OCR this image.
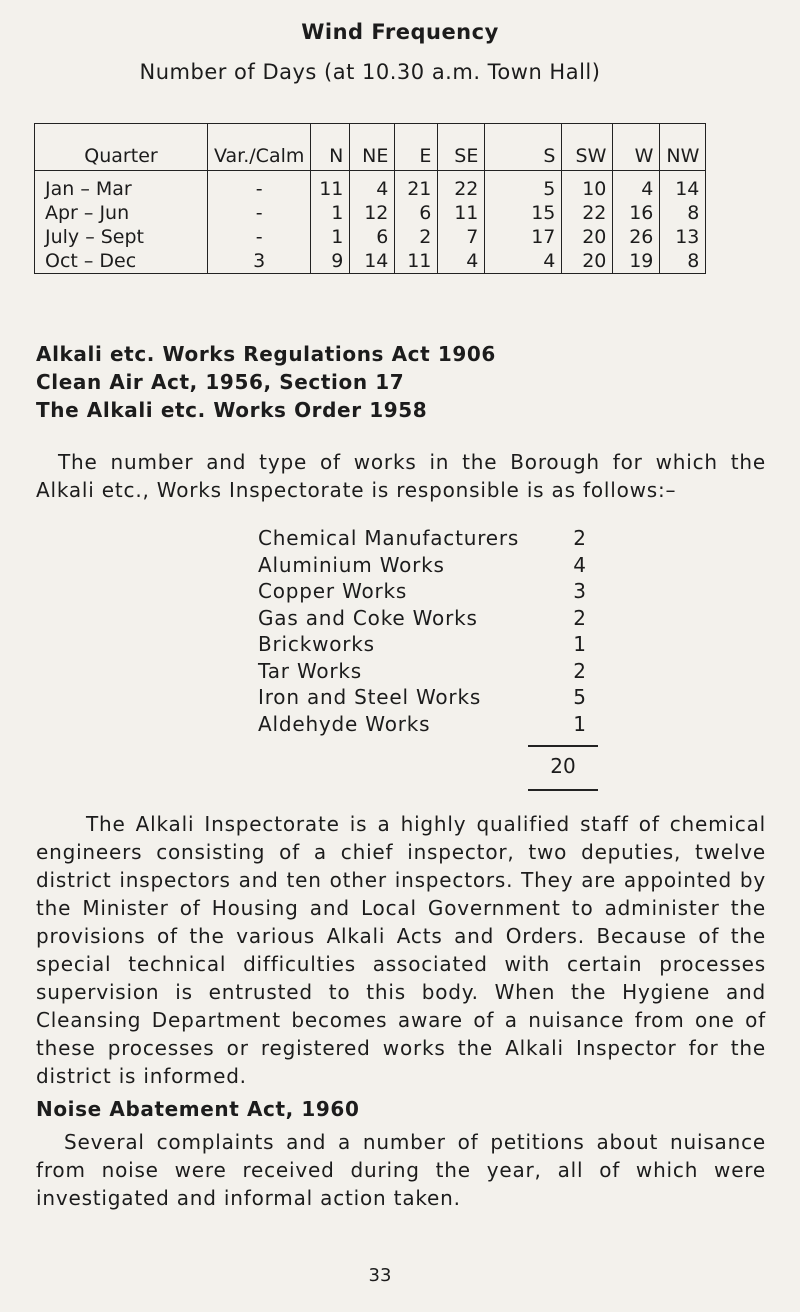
Wind Frequency
Number of Days (at 10.30 a.m. Town Hall)
Quarter	Var./Calm	N	NE	E	SE	S	SW	W	NW
Jan – Mar	-	11	4	21	22	5	10	4	14
Apr – Jun	-	1	12	6	11	15	22	16	8
July – Sept	-	1	6	2	7	17	20	26	13
Oct – Dec	3	9	14	11	4	4	20	19	8
Alkali etc. Works Regulations Act 1906
Clean Air Act, 1956, Section 17
The Alkali etc. Works Order 1958
The number and type of works in the Borough for which the Alkali etc., Works Inspectorate is responsible is as follows:–
Chemical Manufacturers	2
Aluminium Works	4
Copper Works	3
Gas and Coke Works	2
Brickworks	1
Tar Works	2
Iron and Steel Works	5
Aldehyde Works	1
20
The Alkali Inspectorate is a highly qualified staff of chemical engineers consisting of a chief inspector, two deputies, twelve district inspectors and ten other inspectors. They are appointed by the Minister of Housing and Local Government to administer the provisions of the various Alkali Acts and Orders. Because of the special technical difficulties associated with certain processes supervision is entrusted to this body. When the Hygiene and Cleansing Department becomes aware of a nuisance from one of these processes or registered works the Alkali Inspector for the district is informed.
Noise Abatement Act, 1960
Several complaints and a number of petitions about nuisance from noise were received during the year, all of which were investigated and informal action taken.
33
